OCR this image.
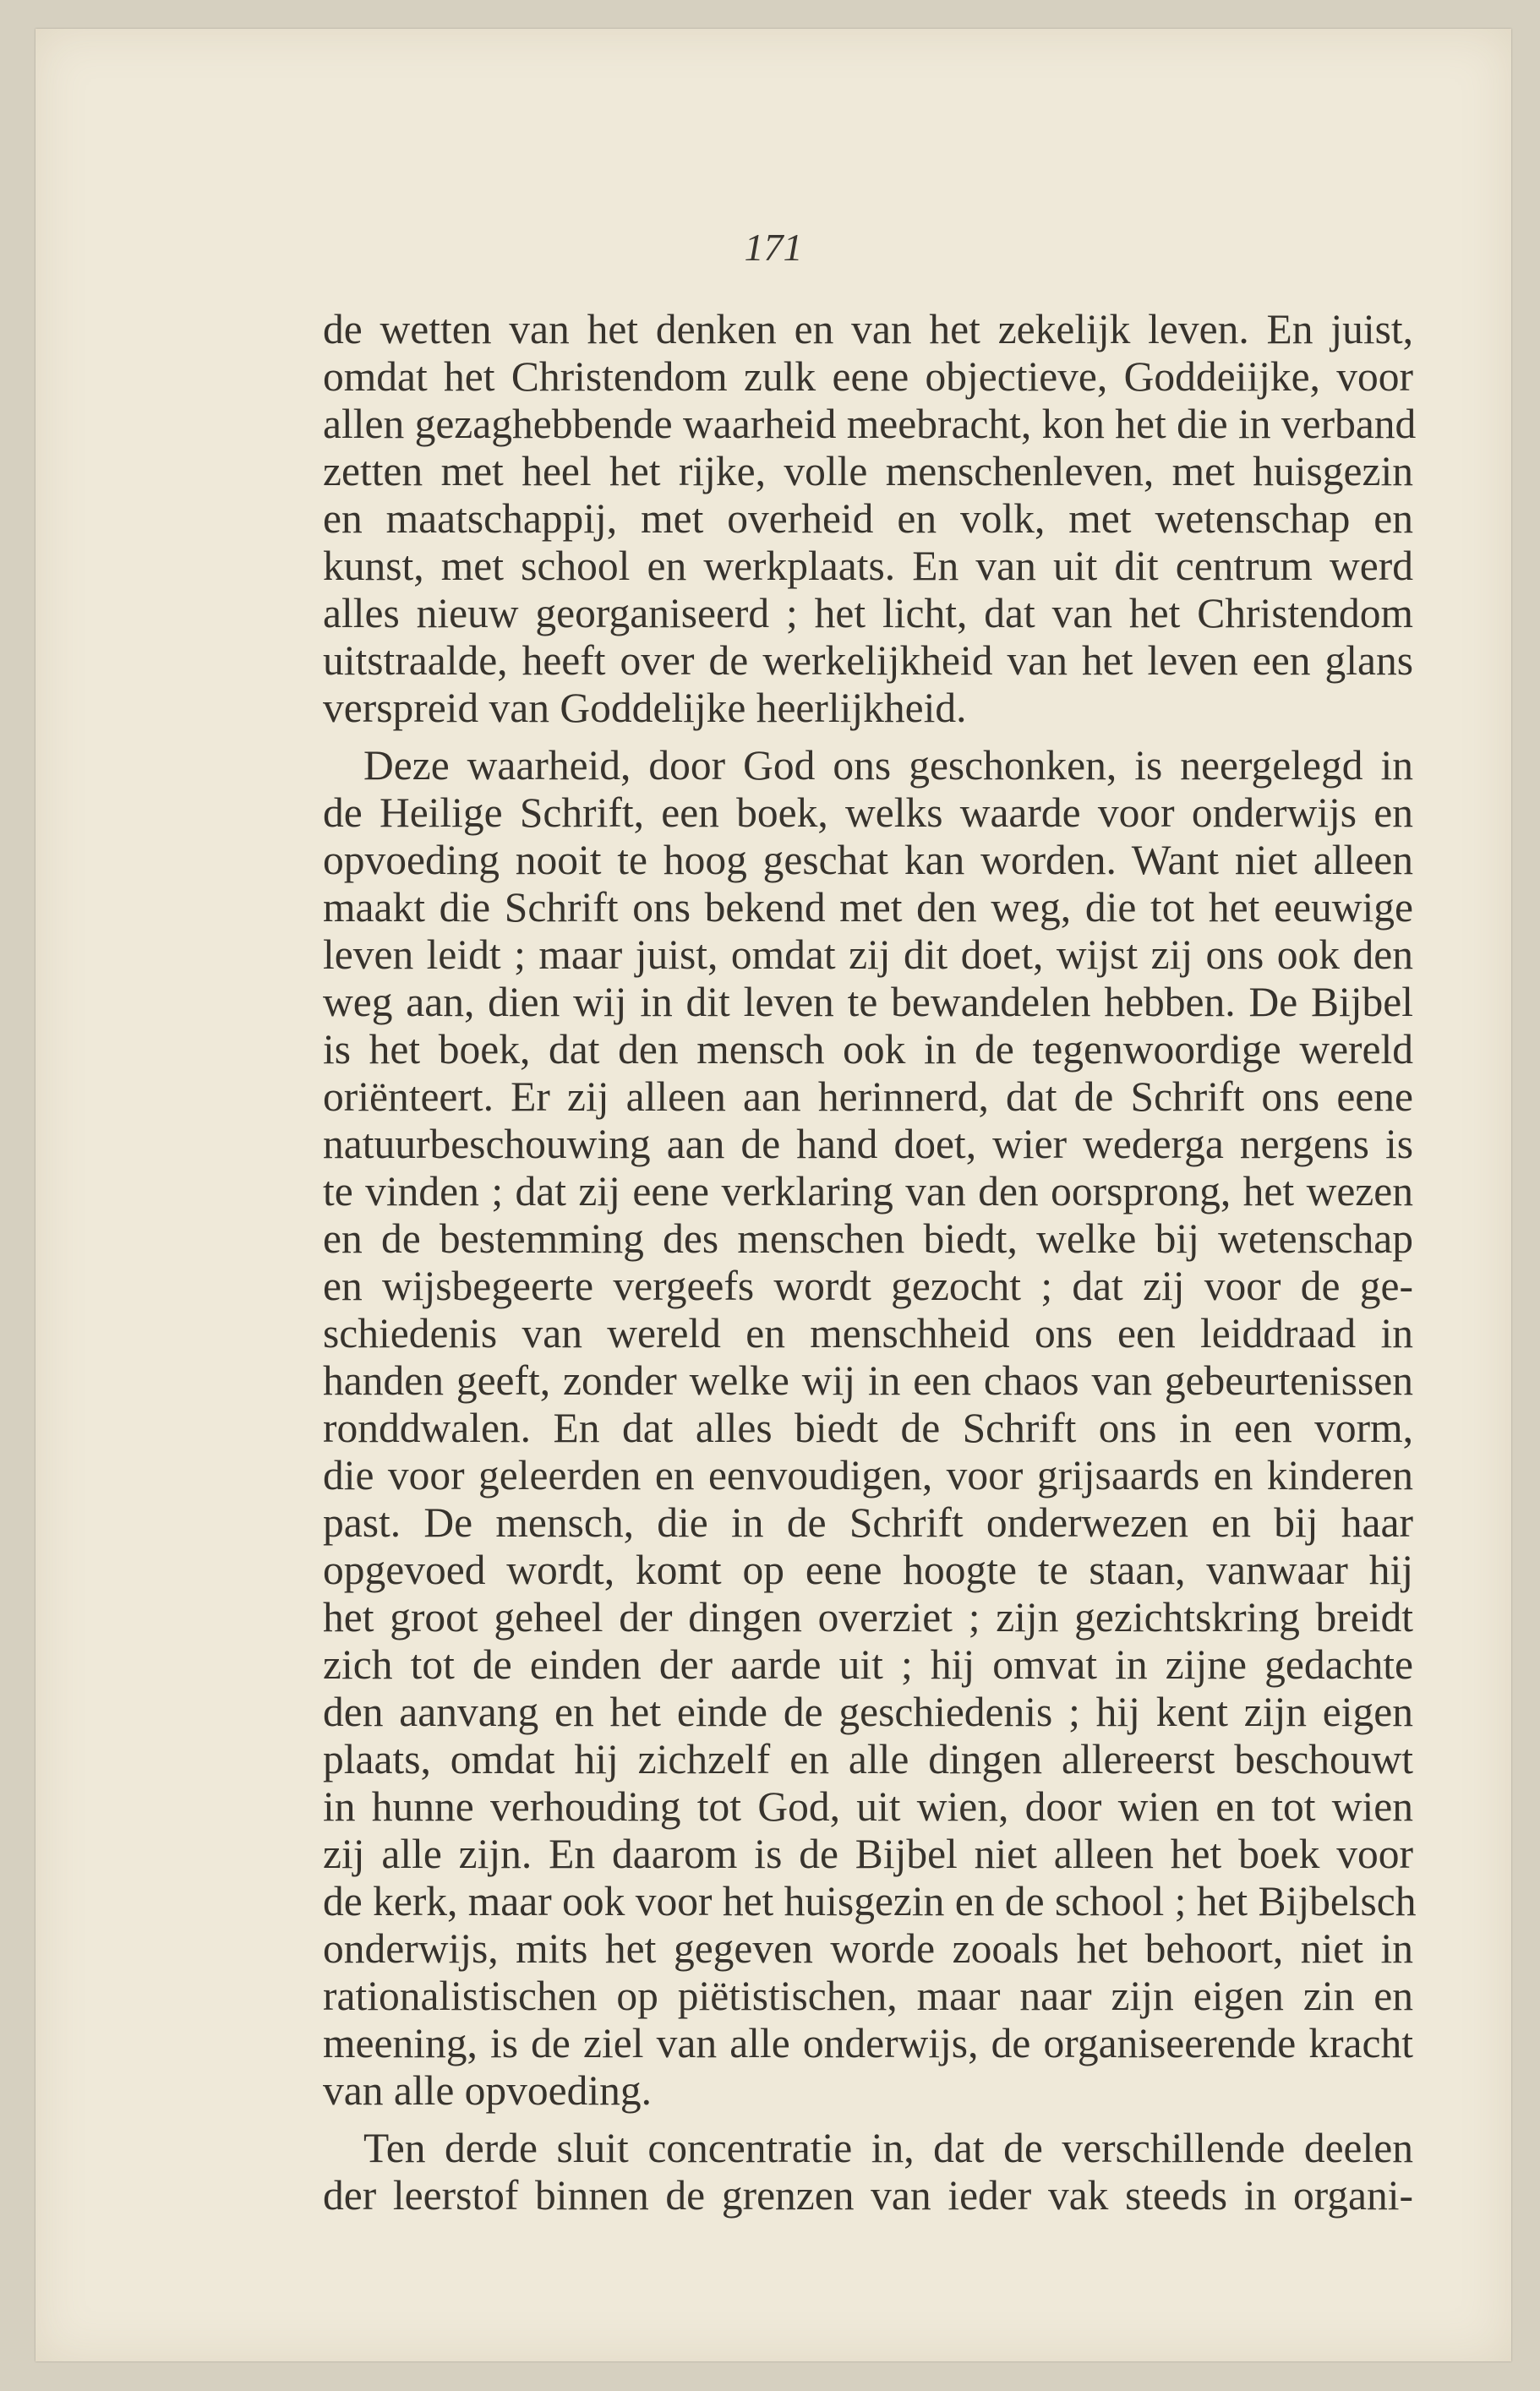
171
de wetten van het denken en van het zekelijk leven. En juist,
omdat het Christendom zulk eene objectieve, Goddeiijke, voor
allen gezaghebbende waarheid meebracht, kon het die in verband
zetten met heel het rijke, volle menschenleven, met huisgezin
en maatschappij, met overheid en volk, met wetenschap en
kunst, met school en werkplaats. En van uit dit centrum werd
alles nieuw georganiseerd ; het licht, dat van het Christendom
uitstraalde, heeft over de werkelijkheid van het leven een glans
verspreid van Goddelijke heerlijkheid.
Deze waarheid, door God ons geschonken, is neergelegd in
de Heilige Schrift, een boek, welks waarde voor onderwijs en
opvoeding nooit te hoog geschat kan worden. Want niet alleen
maakt die Schrift ons bekend met den weg, die tot het eeuwige
leven leidt ; maar juist, omdat zij dit doet, wijst zij ons ook den
weg aan, dien wij in dit leven te bewandelen hebben. De Bijbel
is het boek, dat den mensch ook in de tegenwoordige wereld
oriënteert. Er zij alleen aan herinnerd, dat de Schrift ons eene
natuurbeschouwing aan de hand doet, wier wederga nergens is
te vinden ; dat zij eene verklaring van den oorsprong, het wezen
en de bestemming des menschen biedt, welke bij wetenschap
en wijsbegeerte vergeefs wordt gezocht ; dat zij voor de ge-
schiedenis van wereld en menschheid ons een leiddraad in
handen geeft, zonder welke wij in een chaos van gebeurtenissen
ronddwalen. En dat alles biedt de Schrift ons in een vorm,
die voor geleerden en eenvoudigen, voor grijsaards en kinderen
past. De mensch, die in de Schrift onderwezen en bij haar
opgevoed wordt, komt op eene hoogte te staan, vanwaar hij
het groot geheel der dingen overziet ; zijn gezichtskring breidt
zich tot de einden der aarde uit ; hij omvat in zijne gedachte
den aanvang en het einde de geschiedenis ; hij kent zijn eigen
plaats, omdat hij zichzelf en alle dingen allereerst beschouwt
in hunne verhouding tot God, uit wien, door wien en tot wien
zij alle zijn. En daarom is de Bijbel niet alleen het boek voor
de kerk, maar ook voor het huisgezin en de school ; het Bijbelsch
onderwijs, mits het gegeven worde zooals het behoort, niet in
rationalistischen op piëtistischen, maar naar zijn eigen zin en
meening, is de ziel van alle onderwijs, de organiseerende kracht
van alle opvoeding.
Ten derde sluit concentratie in, dat de verschillende deelen
der leerstof binnen de grenzen van ieder vak steeds in organi-
